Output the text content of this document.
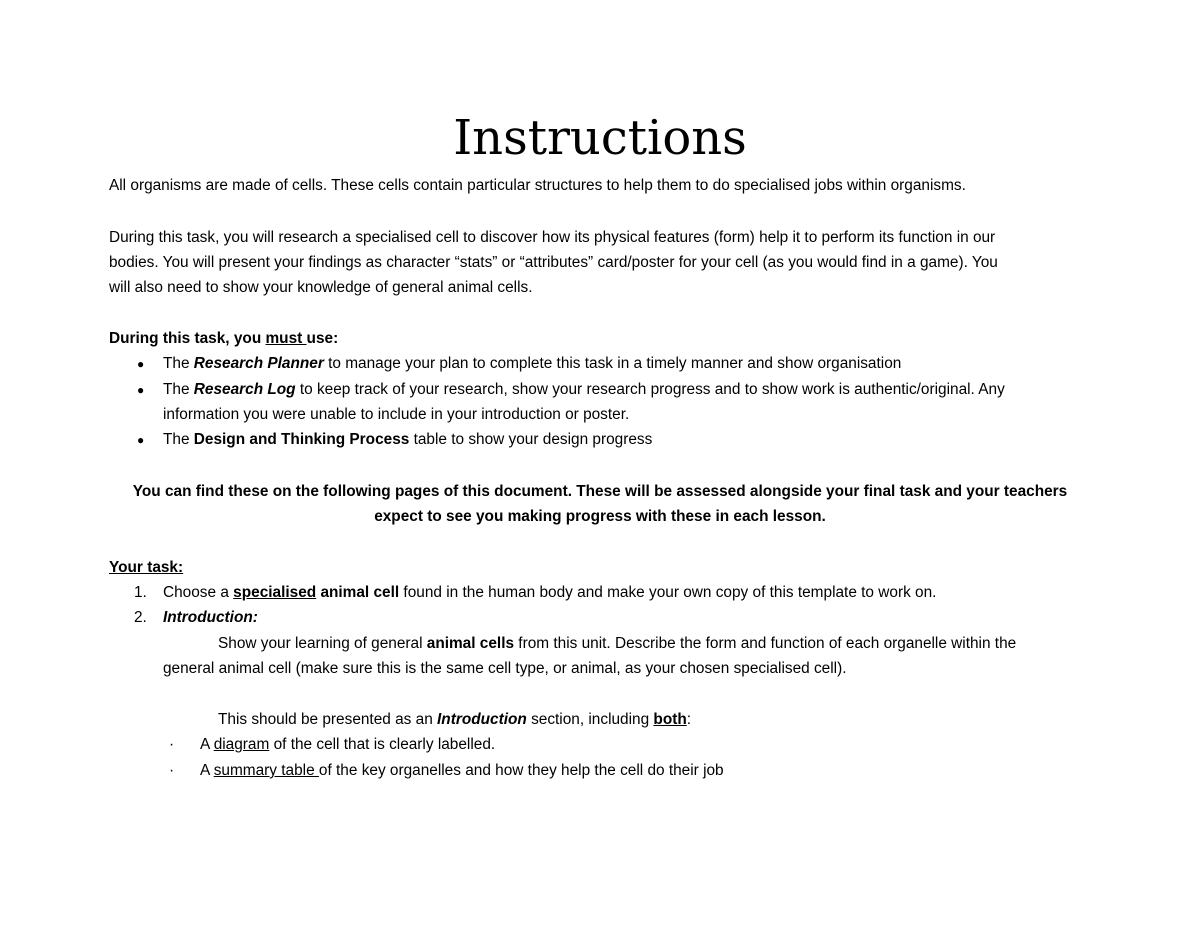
Instructions
All organisms are made of cells. These cells contain particular structures to help them to do specialised jobs within organisms.
During this task, you will research a specialised cell to discover how its physical features (form) help it to perform its function in our
bodies. You will present your findings as character “stats” or “attributes” card/poster for your cell (as you would find in a game). You
will also need to show your knowledge of general animal cells.
During this task, you must use:
● The Research Planner to manage your plan to complete this task in a timely manner and show organisation
● The Research Log to keep track of your research, show your research progress and to show work is authentic/original. Any
information you were unable to include in your introduction or poster.
● The Design and Thinking Process table to show your design progress
You can find these on the following pages of this document. These will be assessed alongside your final task and your teachers
expect to see you making progress with these in each lesson.
Your task:
1. Choose a specialised animal cell found in the human body and make your own copy of this template to work on.
2. Introduction:
Show your learning of general animal cells from this unit. Describe the form and function of each organelle within the
general animal cell (make sure this is the same cell type, or animal, as your chosen specialised cell).
This should be presented as an Introduction section, including both:
· A diagram of the cell that is clearly labelled.
· A summary table of the key organelles and how they help the cell do their job
